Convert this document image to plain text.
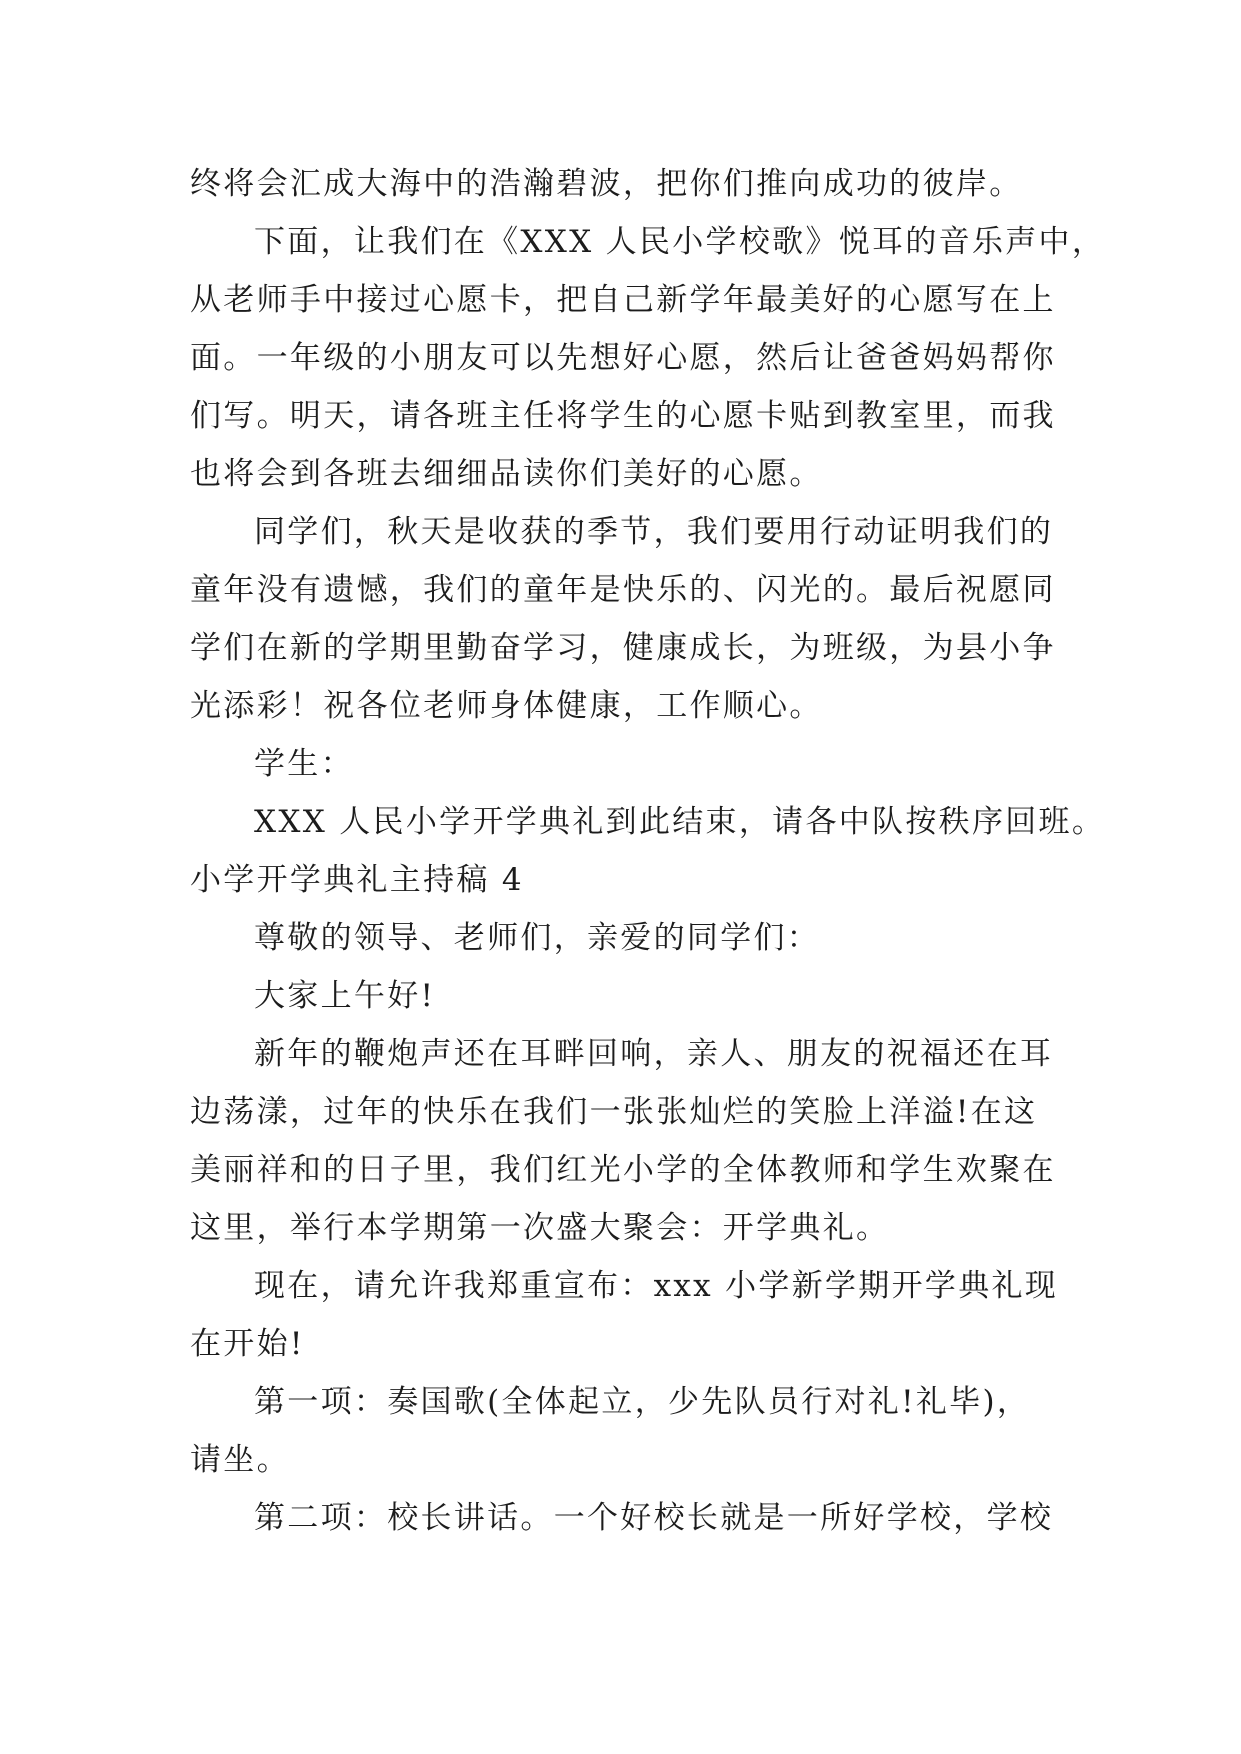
终将会汇成大海中的浩瀚碧波，把你们推向成功的彼岸。

下面，让我们在《XXX 人民小学校歌》悦耳的音乐声中，

从老师手中接过心愿卡，把自己新学年最美好的心愿写在上

面。一年级的小朋友可以先想好心愿，然后让爸爸妈妈帮你

们写。明天，请各班主任将学生的心愿卡贴到教室里，而我

也将会到各班去细细品读你们美好的心愿。

同学们，秋天是收获的季节，我们要用行动证明我们的

童年没有遗憾，我们的童年是快乐的、闪光的。最后祝愿同

学们在新的学期里勤奋学习，健康成长，为班级，为县小争

光添彩！祝各位老师身体健康，工作顺心。

学生：

XXX 人民小学开学典礼到此结束，请各中队按秩序回班。

小学开学典礼主持稿 4

尊敬的领导、老师们，亲爱的同学们：

大家上午好!

新年的鞭炮声还在耳畔回响，亲人、朋友的祝福还在耳

边荡漾，过年的快乐在我们一张张灿烂的笑脸上洋溢!在这

美丽祥和的日子里，我们红光小学的全体教师和学生欢聚在

这里，举行本学期第一次盛大聚会：开学典礼。

现在，请允许我郑重宣布：xxx 小学新学期开学典礼现

在开始!

第一项：奏国歌(全体起立，少先队员行对礼!礼毕)，

请坐。

第二项：校长讲话。一个好校长就是一所好学校，学校
